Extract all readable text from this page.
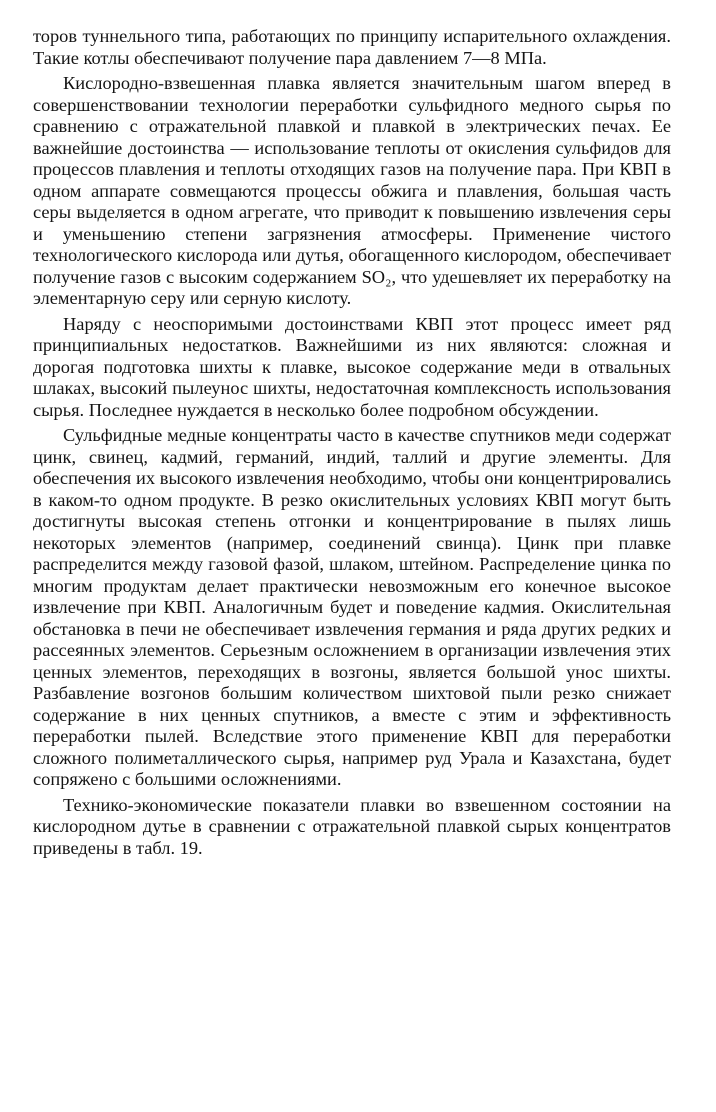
торов туннельного типа, работающих по принципу испарительного охлаждения. Такие котлы обеспечивают получение пара давлением 7—8 МПа.

Кислородно-взвешенная плавка является значительным шагом вперед в совершенствовании технологии переработки сульфидного медного сырья по сравнению с отражательной плавкой и плавкой в электрических печах. Ее важнейшие достоинства — использование теплоты от окисления сульфидов для процессов плавления и теплоты отходящих газов на получение пара. При КВП в одном аппарате совмещаются процессы обжига и плавления, большая часть серы выделяется в одном агрегате, что приводит к повышению извлечения серы и уменьшению степени загрязнения атмосферы. Применение чистого технологического кислорода или дутья, обогащенного кислородом, обеспечивает получение газов с высоким содержанием SO₂, что удешевляет их переработку на элементарную серу или серную кислоту.

Наряду с неоспоримыми достоинствами КВП этот процесс имеет ряд принципиальных недостатков. Важнейшими из них являются: сложная и дорогая подготовка шихты к плавке, высокое содержание меди в отвальных шлаках, высокий пылеунос шихты, недостаточная комплексность использования сырья. Последнее нуждается в несколько более подробном обсуждении.

Сульфидные медные концентраты часто в качестве спутников меди содержат цинк, свинец, кадмий, германий, индий, таллий и другие элементы. Для обеспечения их высокого извлечения необходимо, чтобы они концентрировались в каком-то одном продукте. В резко окислительных условиях КВП могут быть достигнуты высокая степень отгонки и концентрирование в пылях лишь некоторых элементов (например, соединений свинца). Цинк при плавке распределится между газовой фазой, шлаком, штейном. Распределение цинка по многим продуктам делает практически невозможным его конечное высокое извлечение при КВП. Аналогичным будет и поведение кадмия. Окислительная обстановка в печи не обеспечивает извлечения германия и ряда других редких и рассеянных элементов. Серьезным осложнением в организации извлечения этих ценных элементов, переходящих в возгоны, является большой унос шихты. Разбавление возгонов большим количеством шихтовой пыли резко снижает содержание в них ценных спутников, а вместе с этим и эффективность переработки пылей. Вследствие этого применение КВП для переработки сложного полиметаллического сырья, например руд Урала и Казахстана, будет сопряжено с большими осложнениями.

Технико-экономические показатели плавки во взвешенном состоянии на кислородном дутье в сравнении с отражательной плавкой сырых концентратов приведены в табл. 19.
